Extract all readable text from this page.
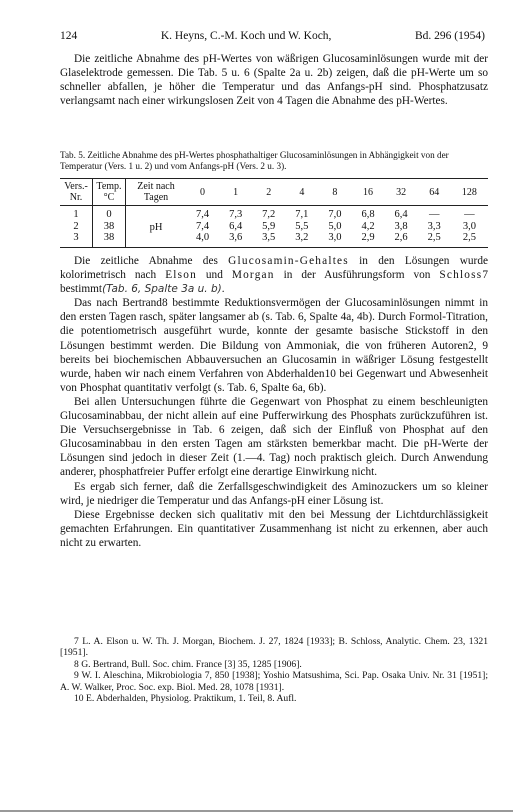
124	K. Heyns, C.-M. Koch und W. Koch,	Bd. 296 (1954)

Die zeitliche Abnahme des pH-Wertes von wäßrigen Glucosaminlösungen wurde mit der Glaselektrode gemessen. Die Tab. 5 u. 6 (Spalte 2a u. 2b) zeigen, daß die pH-Werte um so schneller abfallen, je höher die Temperatur und das Anfangs-pH sind. Phosphatzusatz verlangsamt nach einer wirkungslosen Zeit von 4 Tagen die Abnahme des pH-Wertes.

Tab. 5. Zeitliche Abnahme des pH-Wertes phosphathaltiger Glucosaminlösungen in Abhängigkeit von der Temperatur (Vers. 1 u. 2) und vom Anfangs-pH (Vers. 2 u. 3).
Vers.- Nr.	Temp. °C	Zeit nach Tagen	0	1	2	4	8	16	32	64	128
1	0	pH	7,4	7,3	7,2	7,1	7,0	6,8	6,4	—	—
2	38		7,4	6,4	5,9	5,5	5,0	4,2	3,8	3,3	3,0
3	38		4,0	3,6	3,5	3,2	3,0	2,9	2,6	2,5	2,5

Die zeitliche Abnahme des Glucosamin-Gehaltes in den Lösungen wurde kolorimetrisch nach Elson und Morgan in der Ausführungsform von Schloss7 bestimmt(Tab. 6, Spalte 3a u. b).

Das nach Bertrand8 bestimmte Reduktionsvermögen der Glucosaminlösungen nimmt in den ersten Tagen rasch, später langsamer ab (s. Tab. 6, Spalte 4a, 4b). Durch Formol-Titration, die potentiometrisch ausgeführt wurde, konnte der gesamte basische Stickstoff in den Lösungen bestimmt werden. Die Bildung von Ammoniak, die von früheren Autoren2, 9 bereits bei biochemischen Abbauversuchen an Glucosamin in wäßriger Lösung festgestellt wurde, haben wir nach einem Verfahren von Abderhalden10 bei Gegenwart und Abwesenheit von Phosphat quantitativ verfolgt (s. Tab. 6, Spalte 6a, 6b).

Bei allen Untersuchungen führte die Gegenwart von Phosphat zu einem beschleunigten Glucosaminabbau, der nicht allein auf eine Pufferwirkung des Phosphats zurückzuführen ist. Die Versuchsergebnisse in Tab. 6 zeigen, daß sich der Einfluß von Phosphat auf den Glucosaminabbau in den ersten Tagen am stärksten bemerkbar macht. Die pH-Werte der Lösungen sind jedoch in dieser Zeit (1.—4. Tag) noch praktisch gleich. Durch Anwendung anderer, phosphatfreier Puffer erfolgt eine derartige Einwirkung nicht.

Es ergab sich ferner, daß die Zerfallsgeschwindigkeit des Aminozuckers um so kleiner wird, je niedriger die Temperatur und das Anfangs-pH einer Lösung ist.

Diese Ergebnisse decken sich qualitativ mit den bei Messung der Lichtdurchlässigkeit gemachten Erfahrungen. Ein quantitativer Zusammenhang ist nicht zu erkennen, aber auch nicht zu erwarten.

7 L. A. Elson u. W. Th. J. Morgan, Biochem. J. 27, 1824 [1933]; B. Schloss, Analytic. Chem. 23, 1321 [1951].

8 G. Bertrand, Bull. Soc. chim. France [3] 35, 1285 [1906].

9 W. I. Aleschina, Mikrobiologia 7, 850 [1938]; Yoshio Matsushima, Sci. Pap. Osaka Univ. Nr. 31 [1951]; A. W. Walker, Proc. Soc. exp. Biol. Med. 28, 1078 [1931].

10 E. Abderhalden, Physiolog. Praktikum, 1. Teil, 8. Aufl.
